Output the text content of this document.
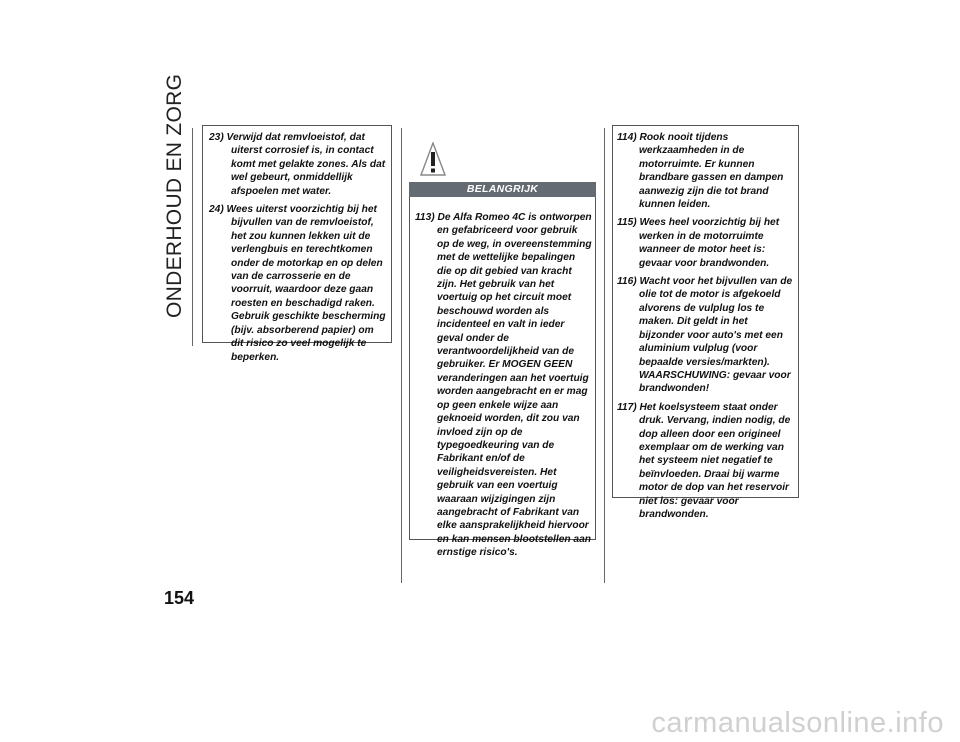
ONDERHOUD EN ZORG 23) Verwijd dat remvloeistof, dat uiterst corrosief is, in contact komt met gelakte zones. Als dat wel gebeurt, onmiddellijk afspoelen met water.

24) Wees uiterst voorzichtig bij het bijvullen van de remvloeistof, het zou kunnen lekken uit de verlengbuis en terechtkomen onder de motorkap en op delen van de carrosserie en de voorruit, waardoor deze gaan roesten en beschadigd raken. Gebruik geschikte bescherming (bijv. absorberend papier) om dit risico zo veel mogelijk te beperken.

113) De Alfa Romeo 4C is ontworpen en gefabriceerd voor gebruik op de weg, in overeenstemming met de wettelijke bepalingen die op dit gebied van kracht zijn. Het gebruik van het voertuig op het circuit moet beschouwd worden als incidenteel en valt in ieder geval onder de verantwoordelijkheid van de gebruiker. Er MOGEN GEEN veranderingen aan het voertuig worden aangebracht en er mag op geen enkele wijze aan geknoeid worden, dit zou van invloed zijn op de typegoedkeuring van de Fabrikant en/of de veiligheidsvereisten. Het gebruik van een voertuig waaraan wijzigingen zijn aangebracht of Fabrikant van elke aansprakelijkheid hiervoor en kan mensen blootstellen aan ernstige risico's.

BELANGRIJK

114) Rook nooit tijdens werkzaamheden in de motorruimte. Er kunnen brandbare gassen en dampen aanwezig zijn die tot brand kunnen leiden.

115) Wees heel voorzichtig bij het werken in de motorruimte wanneer de motor heet is: gevaar voor brandwonden.

116) Wacht voor het bijvullen van de olie tot de motor is afgekoeld alvorens de vulplug los te maken. Dit geldt in het bijzonder voor auto's met een aluminium vulplug (voor bepaalde versies/markten). WAARSCHUWING: gevaar voor brandwonden!

117) Het koelsysteem staat onder druk. Vervang, indien nodig, de dop alleen door een origineel exemplaar om de werking van het systeem niet negatief te beïnvloeden. Draai bij warme motor de dop van het reservoir niet los: gevaar voor brandwonden.

154
carmanualsonline.info
